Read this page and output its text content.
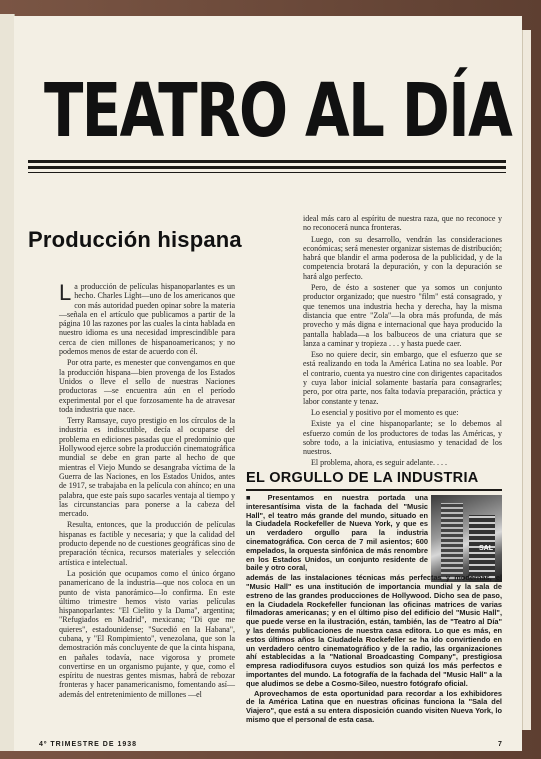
TEATRO AL DÍA
Producción hispana

La producción de películas hispanoparlantes es un hecho. Charles Light—uno de los americanos que con más autoridad pueden opinar sobre la materia—señala en el artículo que publicamos a partir de la página 10 las razones por las cuales la cinta hablada en nuestro idioma es una necesidad imprescindible para cerca de cien millones de hispanoamericanos; y no podemos menos de estar de acuerdo con él.

Por otra parte, es menester que convengamos en que la producción hispana—bien provenga de los Estados Unidos o lleve el sello de nuestras Naciones productoras —se encuentra aún en el período experimental por el que forzosamente ha de atravesar toda industria que nace.

Terry Ramsaye, cuyo prestigio en los círculos de la industria es indiscutible, decía al ocuparse del problema en ediciones pasadas que el predominio que Hollywood ejerce sobre la producción cinematográfica mundial se debe en gran parte al hecho de que mientras el Viejo Mundo se desangraba víctima de la Guerra de las Naciones, en los Estados Unidos, antes de 1917, se trabajaba en la película con ahínco; en una palabra, que este país supo sacarles ventaja al tiempo y las circunstancias para ponerse a la cabeza del mercado.

Resulta, entonces, que la producción de películas hispanas es factible y necesaria; y que la calidad del producto depende no de cuestiones geográficas sino de preparación técnica, recursos materiales y selección artística e intelectual.

La posición que ocupamos como el único órgano panamericano de la industria—que nos coloca en un punto de vista panorámico—lo confirma. En este último trimestre hemos visto varias películas hispanoparlantes: "El Cielito y la Dama", argentina; "Refugiados en Madrid", mexicana; "Di que me quieres", estadounidense; "Sucedió en la Habana", cubana, y "El Rompimiento", venezolana, que son la demostración más concluyente de que la cinta hispana, en pañales todavía, nace vigorosa y promete convertirse en un organismo pujante, y que, como el espíritu de nuestras gentes mismas, habrá de rebozar fronteras y hacer panamericanismo, fomentando así—además del entretenimiento de millones —el

ideal más caro al espíritu de nuestra raza, que no reconoce y no reconocerá nunca fronteras.

Luego, con su desarrollo, vendrán las consideraciones económicas; será menester organizar sistemas de distribución; habrá que blandir el arma poderosa de la publicidad, y de la competencia brotará la depuración, y con la depuración se hará algo perfecto.

Pero, de ésto a sostener que ya somos un conjunto productor organizado; que nuestro "film" está consagrado, y que tenemos una industria hecha y derecha, hay la misma distancia que entre "Zola"—la obra más profunda, de más provecho y más digna e internacional que haya producido la pantalla hablada—a los balbuceos de una criatura que se lanza a caminar y tropieza . . . y hasta puede caer.

Eso no quiere decir, sin embargo, que el esfuerzo que se está realizando en toda la América Latina no sea loable. Por el contrario, cuenta ya nuestro cine con dirigentes capacitados y cuya labor inicial solamente bastaría para consagrarles; pero, por otra parte, nos falta todavía preparación, práctica y labor constante y tenaz.

Lo esencial y positivo por el momento es que:

Existe ya el cine hispanoparlante; se lo debemos al esfuerzo común de los productores de todas las Américas, y sobre todo, a la iniciativa, entusiasmo y tenacidad de los nuestros.

El problema, ahora, es seguir adelante. . . .

EL ORGULLO DE LA INDUSTRIA
SAL

■ Presentamos en nuestra portada una interesantísima vista de la fachada del "Music Hall", el teatro más grande del mundo, situado en la Ciudadela Rockefeller de Nueva York, y que es un verdadero orgullo para la industria cinematográfica. Con cerca de 7 mil asientos; 600 empelados, la orquesta sinfónica de más renombre en los Estados Unidos, un conjunto residente de baile y otro coral,

además de las instalaciones técnicas más perfectas y modernas, el "Music Hall" es una institución de importancia mundial y la sala de estreno de las grandes producciones de Hollywood. Dicho sea de paso, en la Ciudadela Rockefeller funcionan las oficinas matrices de varias filmadoras americanas; y en el último piso del edificio del "Music Hall", que puede verse en la ilustración, están, también, las de "Teatro al Día" y las demás publicaciones de nuestra casa editora. Lo que es más, en estos últimos años la Ciudadela Rockefeller se ha ido convirtiendo en un verdadero centro cinematográfico y de la radio, las organizaciones ahí establecidas a la "National Broadcasting Company", prestigiosa empresa radiodifusora cuyos estudios son quizá los más perfectos e importantes del mundo. La fotografía de la fachada del "Music Hall" a la que aludimos se debe a Cosmo-Sileo, nuestro fotógrafo oficial.

Aprovechamos de esta oportunidad para recordar a los exhibidores de la América Latina que en nuestras oficinas funciona la "Sala del Viajero", que está a su entera disposición cuando visiten Nueva York, lo mismo que el personal de esta casa.

4º TRIMESTRE DE 1938	7
